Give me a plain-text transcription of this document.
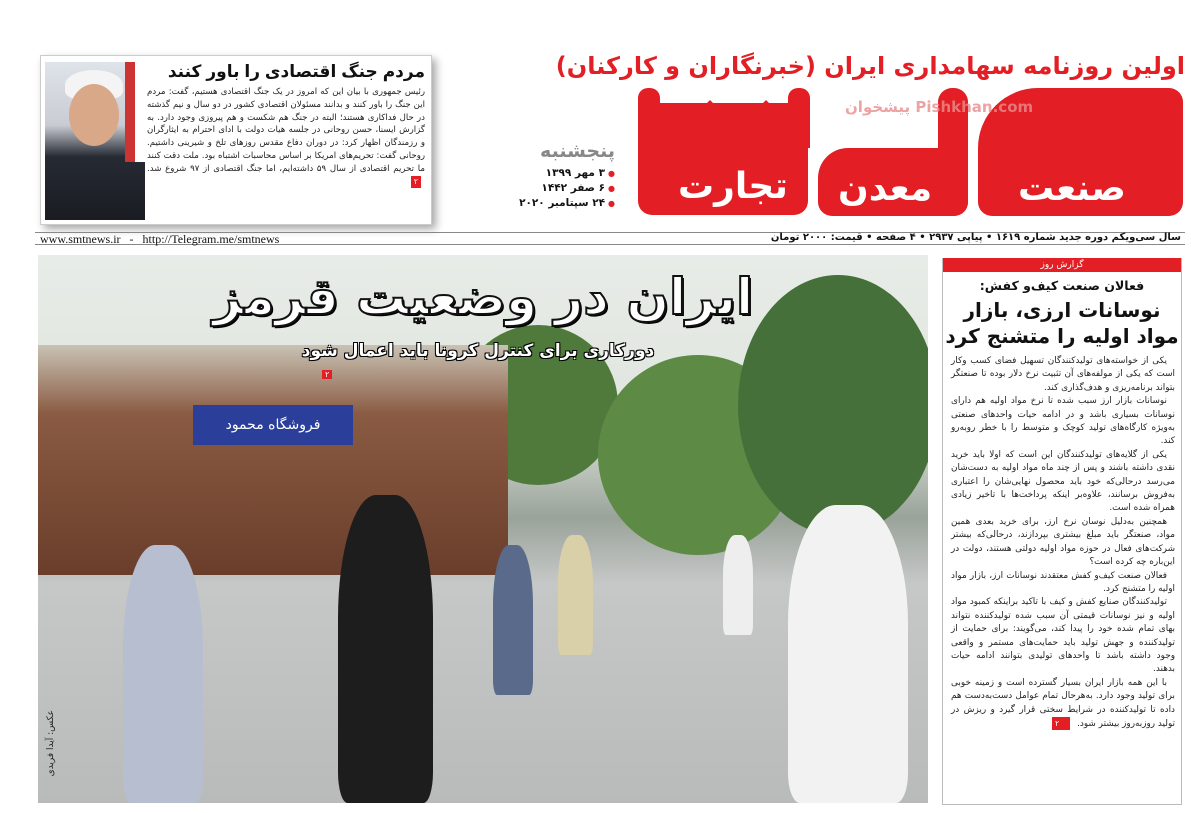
مردم جنگ اقتصادی را باور کنند
رئیس جمهوری با بیان این که امروز در یک جنگ اقتصادی هستیم، گفت: مردم این جنگ را باور کنند و بدانند مسئولان اقتصادی کشور در دو سال و نیم گذشته در حال فداکاری هستند؛ البته در جنگ هم شکست و هم پیروزی وجود دارد. به گزارش ایسنا، حسن روحانی در جلسه هیات دولت با ادای احترام به ایثارگران و رزمندگان اظهار کرد: در دوران دفاع مقدس روزهای تلخ و شیرینی داشتیم. روحانی گفت: تحریم‌های امریکا بر اساس محاسبات اشتباه بود. ملت دقت کنند ما تحریم اقتصادی از سال ۵۹ داشته‌ایم، اما جنگ اقتصادی از ۹۷ شروع شد. ۲
پنجشنبه
● ۳ مهر ۱۳۹۹
● ۶ صفر ۱۴۴۲
● ۲۴ سپتامبر ۲۰۲۰
اولین روزنامه سهامداری ایران (خبرنگاران و کارکنان)
تجارت معدن صنعت
پیشخوان Pishkhan.com
www.smtnews.ir   -   http://Telegram.me/smtnews	سال سی‌ویکم دوره جدید شماره ۱۶۱۹ • پیاپی ۲۹۳۷ • ۴ صفحه • قیمت: ۲۰۰۰ تومان
فروشگاه محمود
ایران در وضعیت قرمز
دورکاری برای کنترل کرونا باید اعمال شود
۲
عکس: آیدا فریدی
گزارش روز
فعالان صنعت کیف‌و کفش:
نوسانات ارزی، بازار مواد اولیه را متشنج کرد

یکی از خواسته‌های تولیدکنندگان تسهیل فضای کسب وکار است که یکی از مولفه‌های آن تثبیت نرخ دلار بوده تا صنعتگر بتواند برنامه‌ریزی و هدف‌گذاری کند.

نوسانات بازار ارز سبب شده تا نرخ مواد اولیه هم دارای نوسانات بسیاری باشد و در ادامه حیات واحدهای صنعتی به‌ویژه کارگاه‌های تولید کوچک و متوسط را با خطر روبه‌رو کند.

یکی از گلایه‌های تولیدکنندگان این است که اولا باید خرید نقدی داشته باشند و پس از چند ماه مواد اولیه به دست‌شان می‌رسد درحالی‌که خود باید محصول نهایی‌شان را اعتباری به‌فروش برسانند، علاوه‌بر اینکه پرداخت‌ها با تاخیر زیادی همراه شده است.

همچنین به‌دلیل نوسان نرخ ارز، برای خرید بعدی همین مواد، صنعتگر باید مبلغ بیشتری بپردازند، درحالی‌که بیشتر شرکت‌های فعال در حوزه مواد اولیه دولتی هستند، دولت در این‌باره چه کرده است؟

فعالان صنعت کیف‌و کفش معتقدند نوسانات ارز، بازار مواد اولیه را متشنج کرد.

تولیدکنندگان صنایع کفش و کیف با تاکید براینکه کمبود مواد اولیه و نیز نوسانات قیمتی آن سبب شده تولیدکننده نتواند بهای تمام شده خود را پیدا کند، می‌گویند: برای حمایت از تولیدکننده و جهش تولید باید حمایت‌های مستمر و واقعی وجود داشته باشد تا واحدهای تولیدی بتوانند ادامه حیات بدهند.

با این همه بازار ایران بسیار گسترده است و زمینه خوبی برای تولید وجود دارد. به‌هرحال تمام عوامل دست‌به‌دست هم داده تا تولیدکننده در شرایط سختی قرار گیرد و ریزش در تولید روزبه‌روز بیشتر شود. ۲
